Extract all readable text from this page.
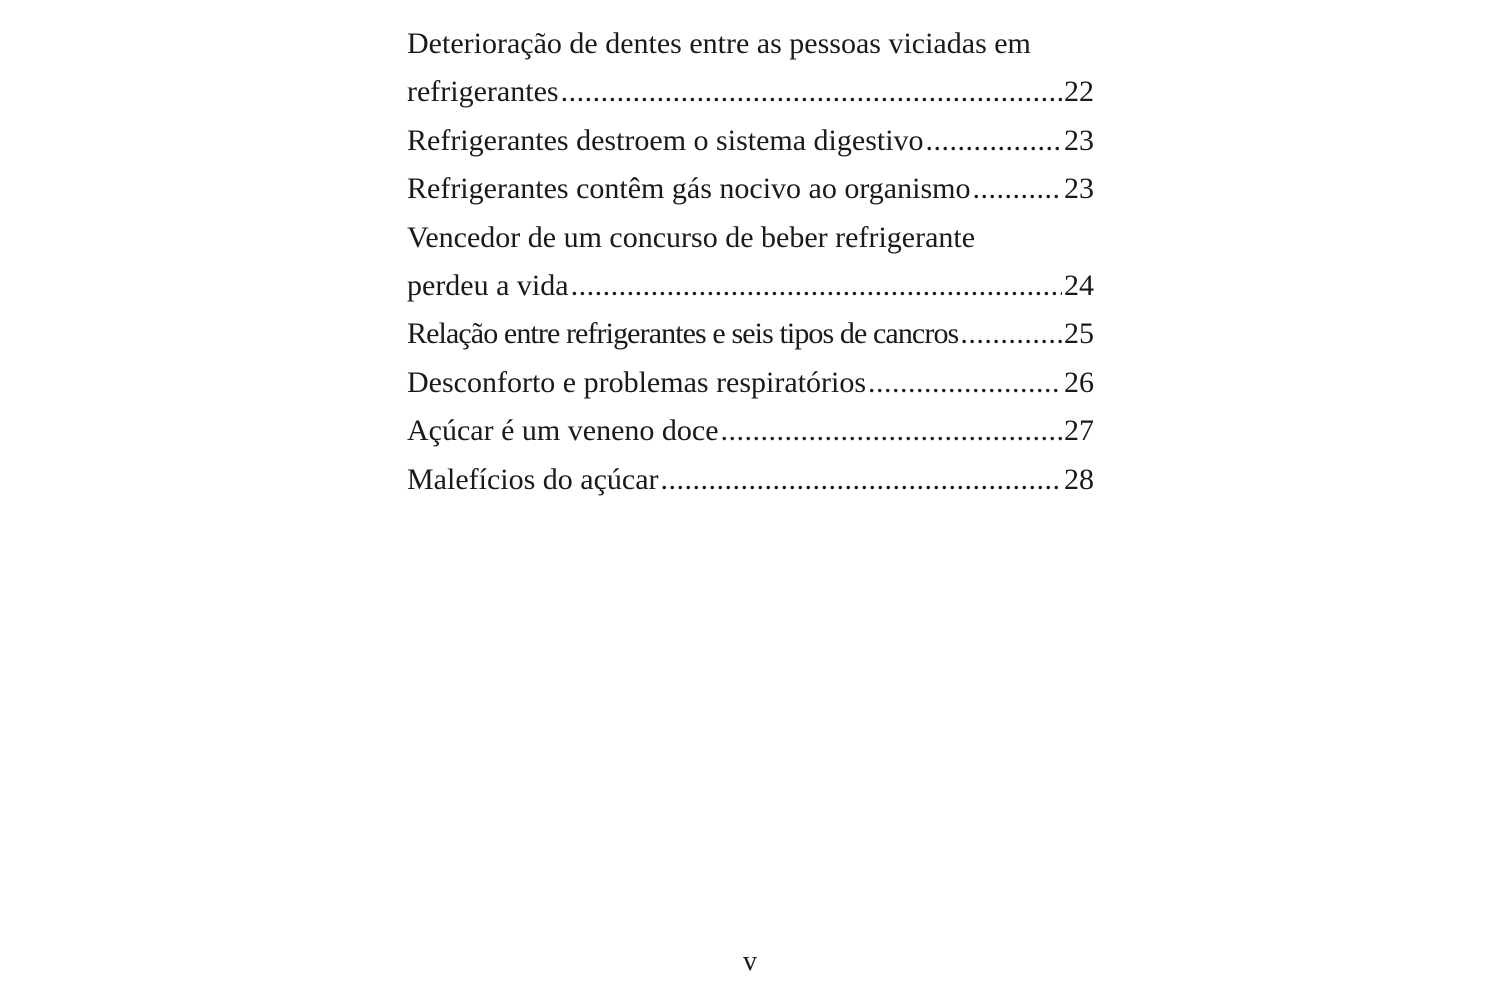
Deterioração de dentes entre as pessoas viciadas em
refrigerantes .....	22
Refrigerantes destroem o sistema digestivo .....	23
Refrigerantes contêm gás nocivo ao organismo .....	23
Vencedor de um concurso de beber refrigerante
perdeu a vida .....	24
Relação entre refrigerantes e seis tipos de cancros .....	25
Desconforto e problemas respiratórios .....	26
Açúcar é um veneno doce .....	27
Malefícios do açúcar .....	28
v
